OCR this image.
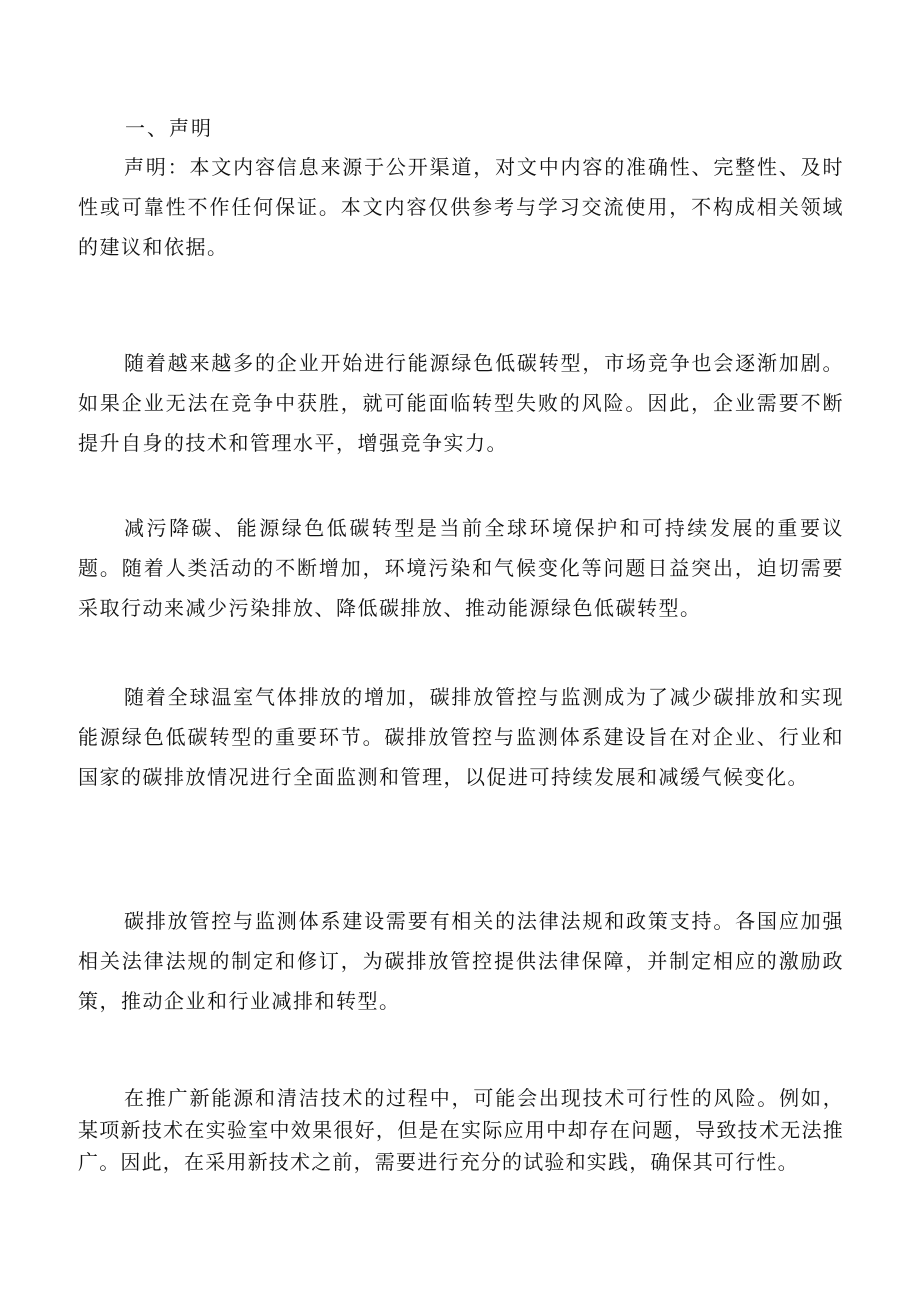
一、声明

声明：本文内容信息来源于公开渠道，对文中内容的准确性、完整性、及时性或可靠性不作任何保证。本文内容仅供参考与学习交流使用，不构成相关领域的建议和依据。

随着越来越多的企业开始进行能源绿色低碳转型，市场竞争也会逐渐加剧。如果企业无法在竞争中获胜，就可能面临转型失败的风险。因此，企业需要不断提升自身的技术和管理水平，增强竞争实力。

减污降碳、能源绿色低碳转型是当前全球环境保护和可持续发展的重要议题。随着人类活动的不断增加，环境污染和气候变化等问题日益突出，迫切需要采取行动来减少污染排放、降低碳排放、推动能源绿色低碳转型。

随着全球温室气体排放的增加，碳排放管控与监测成为了减少碳排放和实现能源绿色低碳转型的重要环节。碳排放管控与监测体系建设旨在对企业、行业和国家的碳排放情况进行全面监测和管理，以促进可持续发展和减缓气候变化。

碳排放管控与监测体系建设需要有相关的法律法规和政策支持。各国应加强相关法律法规的制定和修订，为碳排放管控提供法律保障，并制定相应的激励政策，推动企业和行业减排和转型。

在推广新能源和清洁技术的过程中，可能会出现技术可行性的风险。例如，某项新技术在实验室中效果很好，但是在实际应用中却存在问题，导致技术无法推广。因此，在采用新技术之前，需要进行充分的试验和实践，确保其可行性。
